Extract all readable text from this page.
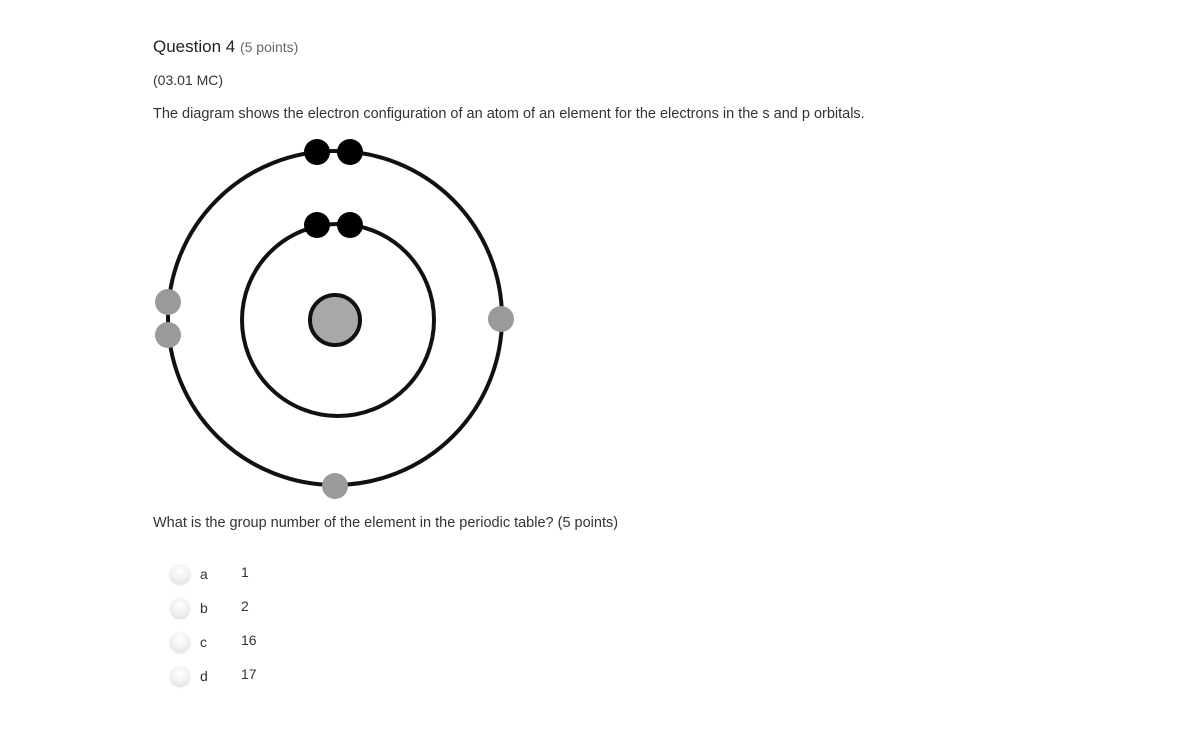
Question 4 (5 points)
(03.01 MC)
The diagram shows the electron configuration of an atom of an element for the electrons in the s and p orbitals.
What is the group number of the element in the periodic table? (5 points)
a 1
b 2
c 16
d 17
